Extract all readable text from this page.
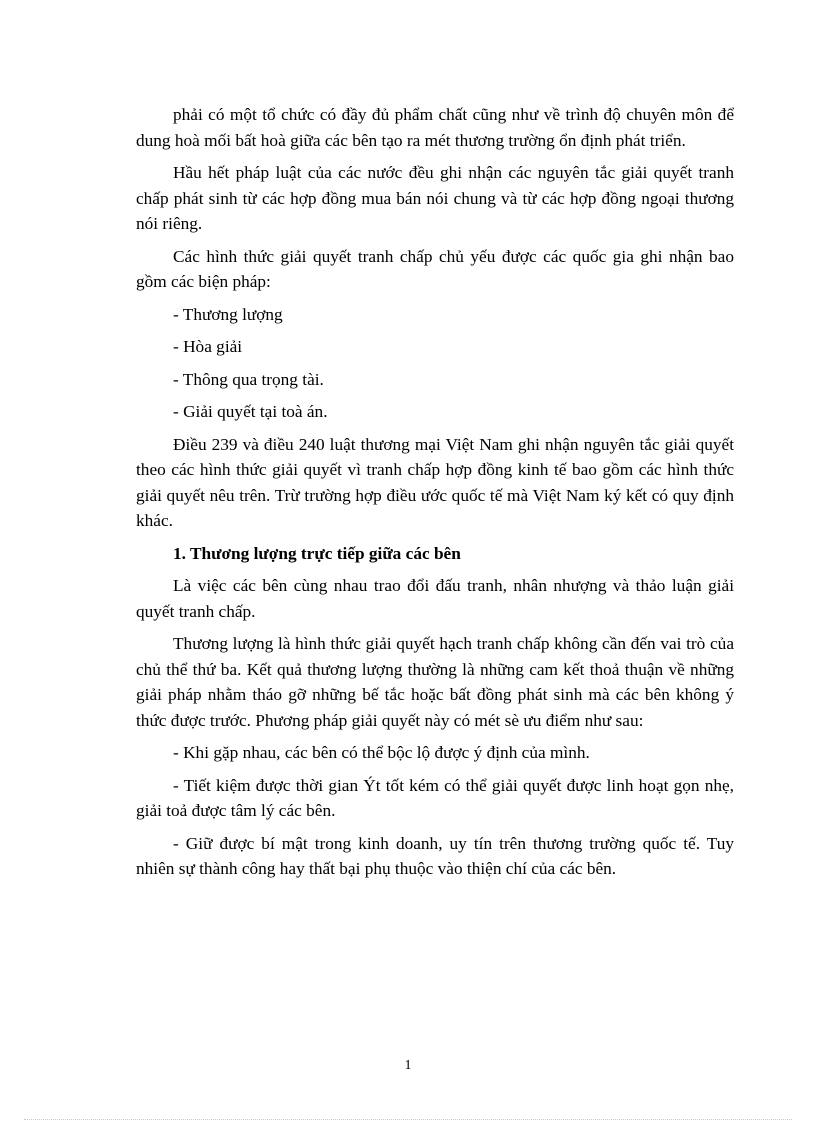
phải có một tổ chức có đầy đủ phẩm chất cũng như về trình độ chuyên môn để dung hoà mối bất hoà giữa các bên tạo ra mét thương trường ổn định phát triển.

Hầu hết pháp luật của các nước đều ghi nhận các nguyên tắc giải quyết tranh chấp phát sinh từ các hợp đồng mua bán nói chung và từ các hợp đồng ngoại thương nói riêng.

Các hình thức giải quyết tranh chấp chủ yếu được các quốc gia ghi nhận bao gồm các biện pháp:

- Thương lượng

- Hòa giải

- Thông qua trọng tài.

- Giải quyết tại toà án.

Điều 239 và điều 240 luật thương mại Việt Nam ghi nhận nguyên tắc giải quyết theo các hình thức giải quyết vì tranh chấp hợp đồng kinh tế bao gồm các hình thức giải quyết nêu trên. Trừ trường hợp điều ước quốc tế mà Việt Nam ký kết có quy định khác.

1. Thương lượng trực tiếp giữa các bên

Là việc các bên cùng nhau trao đổi đấu tranh, nhân nhượng và thảo luận giải quyết tranh chấp.

Thương lượng là hình thức giải quyết hạch tranh chấp không cần đến vai trò của chủ thể thứ ba. Kết quả thương lượng thường là những cam kết thoả thuận về những giải pháp nhằm tháo gỡ những bế tắc hoặc bất đồng phát sinh mà các bên không ý thức được trước. Phương pháp giải quyết này có mét sè ưu điểm như sau:

- Khi gặp nhau, các bên có thể bộc lộ được ý định của mình.

- Tiết kiệm được thời gian Ýt tốt kém có thể giải quyết được linh hoạt gọn nhẹ, giải toả được tâm lý các bên.

- Giữ được bí mật trong kinh doanh, uy tín trên thương trường quốc tế. Tuy nhiên sự thành công hay thất bại phụ thuộc vào thiện chí của các bên.

1
